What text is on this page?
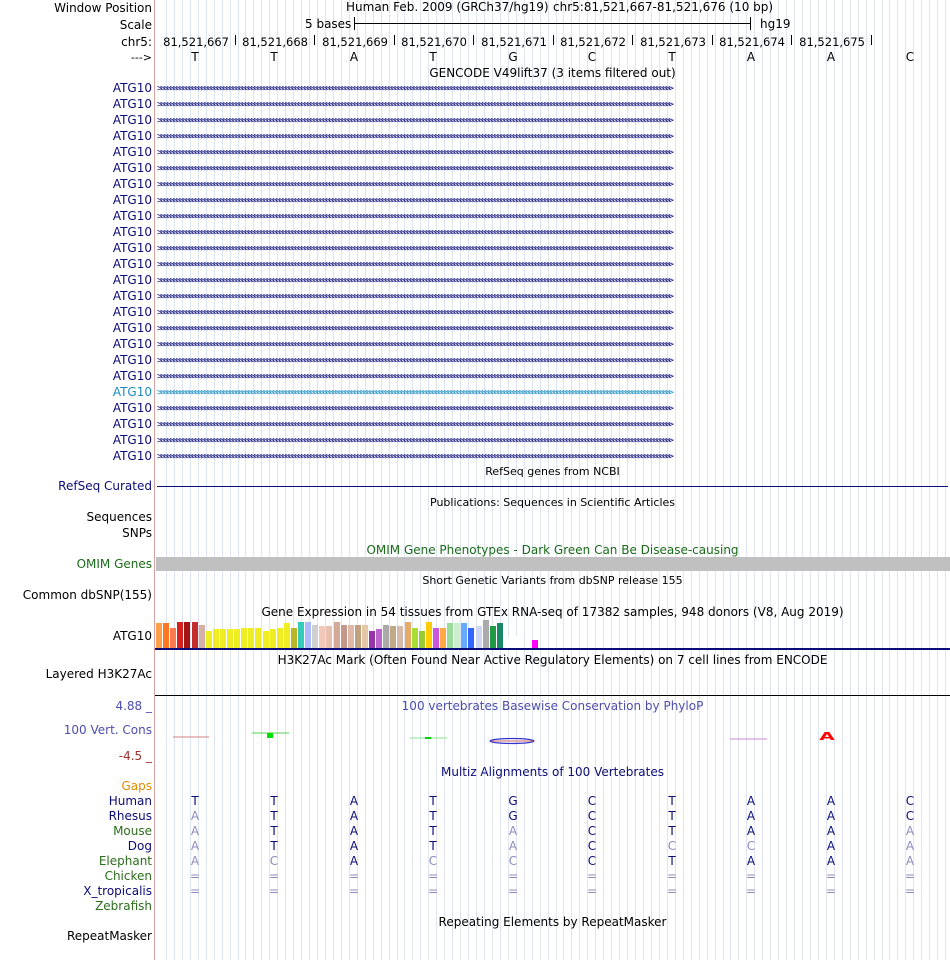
Window Position
Scale
chr5:
--->
Human Feb. 2009 (GRCh37/hg19) chr5:81,521,667-81,521,676 (10 bp)
5 bases	hg19
81,521,667 81,521,668 81,521,669 81,521,670 81,521,671 81,521,672 81,521,673 81,521,674 81,521,675
T	T	A	T	G	C	T	A	A	C
GENCODE V49lift37 (3 items filtered out)
ATG10 >>>>>>>>>>>>>>>>>>>>>>>>>>>>>>>>>>>>>>>>>>>>>>>>>>>>>>>>>>>>>>>>>>>>>>>>>>>>>>>>>>>>>>>>>>>>>>>>>>>>>>>>>>>>>>>>>>>>>>>>>>>>>>>>>>>>>>>>>>>>>>>>>>>>>>>>>>>>>>>>>>>>>
ATG10 >>>>>>>>>>>>>>>>>>>>>>>>>>>>>>>>>>>>>>>>>>>>>>>>>>>>>>>>>>>>>>>>>>>>>>>>>>>>>>>>>>>>>>>>>>>>>>>>>>>>>>>>>>>>>>>>>>>>>>>>>>>>>>>>>>>>>>>>>>>>>>>>>>>>>>>>>>>>>>>>>>>>>
ATG10 >>>>>>>>>>>>>>>>>>>>>>>>>>>>>>>>>>>>>>>>>>>>>>>>>>>>>>>>>>>>>>>>>>>>>>>>>>>>>>>>>>>>>>>>>>>>>>>>>>>>>>>>>>>>>>>>>>>>>>>>>>>>>>>>>>>>>>>>>>>>>>>>>>>>>>>>>>>>>>>>>>>>>
ATG10 >>>>>>>>>>>>>>>>>>>>>>>>>>>>>>>>>>>>>>>>>>>>>>>>>>>>>>>>>>>>>>>>>>>>>>>>>>>>>>>>>>>>>>>>>>>>>>>>>>>>>>>>>>>>>>>>>>>>>>>>>>>>>>>>>>>>>>>>>>>>>>>>>>>>>>>>>>>>>>>>>>>>>
ATG10 >>>>>>>>>>>>>>>>>>>>>>>>>>>>>>>>>>>>>>>>>>>>>>>>>>>>>>>>>>>>>>>>>>>>>>>>>>>>>>>>>>>>>>>>>>>>>>>>>>>>>>>>>>>>>>>>>>>>>>>>>>>>>>>>>>>>>>>>>>>>>>>>>>>>>>>>>>>>>>>>>>>>>
ATG10 >>>>>>>>>>>>>>>>>>>>>>>>>>>>>>>>>>>>>>>>>>>>>>>>>>>>>>>>>>>>>>>>>>>>>>>>>>>>>>>>>>>>>>>>>>>>>>>>>>>>>>>>>>>>>>>>>>>>>>>>>>>>>>>>>>>>>>>>>>>>>>>>>>>>>>>>>>>>>>>>>>>>>
ATG10 >>>>>>>>>>>>>>>>>>>>>>>>>>>>>>>>>>>>>>>>>>>>>>>>>>>>>>>>>>>>>>>>>>>>>>>>>>>>>>>>>>>>>>>>>>>>>>>>>>>>>>>>>>>>>>>>>>>>>>>>>>>>>>>>>>>>>>>>>>>>>>>>>>>>>>>>>>>>>>>>>>>>>
ATG10 >>>>>>>>>>>>>>>>>>>>>>>>>>>>>>>>>>>>>>>>>>>>>>>>>>>>>>>>>>>>>>>>>>>>>>>>>>>>>>>>>>>>>>>>>>>>>>>>>>>>>>>>>>>>>>>>>>>>>>>>>>>>>>>>>>>>>>>>>>>>>>>>>>>>>>>>>>>>>>>>>>>>>
ATG10 >>>>>>>>>>>>>>>>>>>>>>>>>>>>>>>>>>>>>>>>>>>>>>>>>>>>>>>>>>>>>>>>>>>>>>>>>>>>>>>>>>>>>>>>>>>>>>>>>>>>>>>>>>>>>>>>>>>>>>>>>>>>>>>>>>>>>>>>>>>>>>>>>>>>>>>>>>>>>>>>>>>>>
ATG10 >>>>>>>>>>>>>>>>>>>>>>>>>>>>>>>>>>>>>>>>>>>>>>>>>>>>>>>>>>>>>>>>>>>>>>>>>>>>>>>>>>>>>>>>>>>>>>>>>>>>>>>>>>>>>>>>>>>>>>>>>>>>>>>>>>>>>>>>>>>>>>>>>>>>>>>>>>>>>>>>>>>>>
ATG10 >>>>>>>>>>>>>>>>>>>>>>>>>>>>>>>>>>>>>>>>>>>>>>>>>>>>>>>>>>>>>>>>>>>>>>>>>>>>>>>>>>>>>>>>>>>>>>>>>>>>>>>>>>>>>>>>>>>>>>>>>>>>>>>>>>>>>>>>>>>>>>>>>>>>>>>>>>>>>>>>>>>>>
ATG10 >>>>>>>>>>>>>>>>>>>>>>>>>>>>>>>>>>>>>>>>>>>>>>>>>>>>>>>>>>>>>>>>>>>>>>>>>>>>>>>>>>>>>>>>>>>>>>>>>>>>>>>>>>>>>>>>>>>>>>>>>>>>>>>>>>>>>>>>>>>>>>>>>>>>>>>>>>>>>>>>>>>>>
ATG10 >>>>>>>>>>>>>>>>>>>>>>>>>>>>>>>>>>>>>>>>>>>>>>>>>>>>>>>>>>>>>>>>>>>>>>>>>>>>>>>>>>>>>>>>>>>>>>>>>>>>>>>>>>>>>>>>>>>>>>>>>>>>>>>>>>>>>>>>>>>>>>>>>>>>>>>>>>>>>>>>>>>>>
ATG10 >>>>>>>>>>>>>>>>>>>>>>>>>>>>>>>>>>>>>>>>>>>>>>>>>>>>>>>>>>>>>>>>>>>>>>>>>>>>>>>>>>>>>>>>>>>>>>>>>>>>>>>>>>>>>>>>>>>>>>>>>>>>>>>>>>>>>>>>>>>>>>>>>>>>>>>>>>>>>>>>>>>>>
ATG10 >>>>>>>>>>>>>>>>>>>>>>>>>>>>>>>>>>>>>>>>>>>>>>>>>>>>>>>>>>>>>>>>>>>>>>>>>>>>>>>>>>>>>>>>>>>>>>>>>>>>>>>>>>>>>>>>>>>>>>>>>>>>>>>>>>>>>>>>>>>>>>>>>>>>>>>>>>>>>>>>>>>>>
ATG10 >>>>>>>>>>>>>>>>>>>>>>>>>>>>>>>>>>>>>>>>>>>>>>>>>>>>>>>>>>>>>>>>>>>>>>>>>>>>>>>>>>>>>>>>>>>>>>>>>>>>>>>>>>>>>>>>>>>>>>>>>>>>>>>>>>>>>>>>>>>>>>>>>>>>>>>>>>>>>>>>>>>>>
ATG10 >>>>>>>>>>>>>>>>>>>>>>>>>>>>>>>>>>>>>>>>>>>>>>>>>>>>>>>>>>>>>>>>>>>>>>>>>>>>>>>>>>>>>>>>>>>>>>>>>>>>>>>>>>>>>>>>>>>>>>>>>>>>>>>>>>>>>>>>>>>>>>>>>>>>>>>>>>>>>>>>>>>>>
ATG10 >>>>>>>>>>>>>>>>>>>>>>>>>>>>>>>>>>>>>>>>>>>>>>>>>>>>>>>>>>>>>>>>>>>>>>>>>>>>>>>>>>>>>>>>>>>>>>>>>>>>>>>>>>>>>>>>>>>>>>>>>>>>>>>>>>>>>>>>>>>>>>>>>>>>>>>>>>>>>>>>>>>>>
ATG10 >>>>>>>>>>>>>>>>>>>>>>>>>>>>>>>>>>>>>>>>>>>>>>>>>>>>>>>>>>>>>>>>>>>>>>>>>>>>>>>>>>>>>>>>>>>>>>>>>>>>>>>>>>>>>>>>>>>>>>>>>>>>>>>>>>>>>>>>>>>>>>>>>>>>>>>>>>>>>>>>>>>>>
ATG10 >>>>>>>>>>>>>>>>>>>>>>>>>>>>>>>>>>>>>>>>>>>>>>>>>>>>>>>>>>>>>>>>>>>>>>>>>>>>>>>>>>>>>>>>>>>>>>>>>>>>>>>>>>>>>>>>>>>>>>>>>>>>>>>>>>>>>>>>>>>>>>>>>>>>>>>>>>>>>>>>>>>>>
ATG10 >>>>>>>>>>>>>>>>>>>>>>>>>>>>>>>>>>>>>>>>>>>>>>>>>>>>>>>>>>>>>>>>>>>>>>>>>>>>>>>>>>>>>>>>>>>>>>>>>>>>>>>>>>>>>>>>>>>>>>>>>>>>>>>>>>>>>>>>>>>>>>>>>>>>>>>>>>>>>>>>>>>>>
ATG10 >>>>>>>>>>>>>>>>>>>>>>>>>>>>>>>>>>>>>>>>>>>>>>>>>>>>>>>>>>>>>>>>>>>>>>>>>>>>>>>>>>>>>>>>>>>>>>>>>>>>>>>>>>>>>>>>>>>>>>>>>>>>>>>>>>>>>>>>>>>>>>>>>>>>>>>>>>>>>>>>>>>>>
ATG10 >>>>>>>>>>>>>>>>>>>>>>>>>>>>>>>>>>>>>>>>>>>>>>>>>>>>>>>>>>>>>>>>>>>>>>>>>>>>>>>>>>>>>>>>>>>>>>>>>>>>>>>>>>>>>>>>>>>>>>>>>>>>>>>>>>>>>>>>>>>>>>>>>>>>>>>>>>>>>>>>>>>>>
ATG10 >>>>>>>>>>>>>>>>>>>>>>>>>>>>>>>>>>>>>>>>>>>>>>>>>>>>>>>>>>>>>>>>>>>>>>>>>>>>>>>>>>>>>>>>>>>>>>>>>>>>>>>>>>>>>>>>>>>>>>>>>>>>>>>>>>>>>>>>>>>>>>>>>>>>>>>>>>>>>>>>>>>>>
RefSeq genes from NCBI
RefSeq Curated
Publications: Sequences in Scientific Articles
Sequences
SNPs
OMIM Gene Phenotypes - Dark Green Can Be Disease-causing
OMIM Genes
Short Genetic Variants from dbSNP release 155
Common dbSNP(155)
Gene Expression in 54 tissues from GTEx RNA-seq of 17382 samples, 948 donors (V8, Aug 2019)
ATG10
H3K27Ac Mark (Often Found Near Active Regulatory Elements) on 7 cell lines from ENCODE
Layered H3K27Ac
100 vertebrates Basewise Conservation by PhyloP
4.88 _
100 Vert. Cons
-4.5 _
A
Multiz Alignments of 100 Vertebrates
Gaps
Human	T	T	A	T	G	C	T	A	A	C
Rhesus	A	T	A	T	G	C	T	A	A	C
Mouse	A	T	A	T	A	C	T	A	A	A
Dog	A	T	A	T	A	C	C	C	A	A
Elephant	A	C	A	C	C	C	T	A	A	A
Chicken	=	=	=	=	=	=	=	=	=	=
X_tropicalis	=	=	=	=	=	=	=	=	=	=
Zebrafish
Repeating Elements by RepeatMasker
RepeatMasker
